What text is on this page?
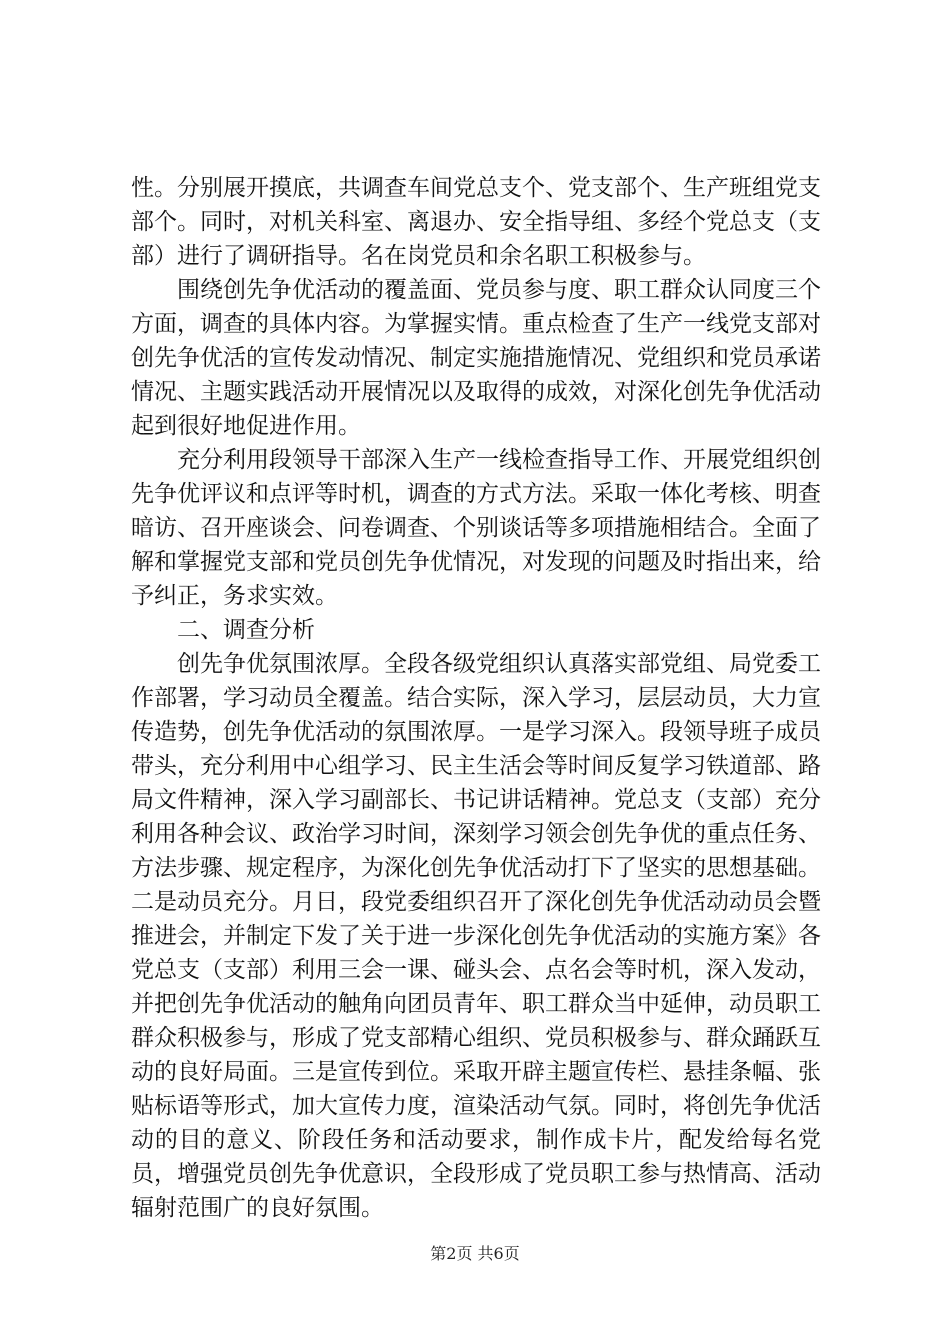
性。分别展开摸底，共调查车间党总支个、党支部个、生产班组党支部个。同时，对机关科室、离退办、安全指导组、多经个党总支（支部）进行了调研指导。名在岗党员和余名职工积极参与。

围绕创先争优活动的覆盖面、党员参与度、职工群众认同度三个方面，调查的具体内容。为掌握实情。重点检查了生产一线党支部对创先争优活的宣传发动情况、制定实施措施情况、党组织和党员承诺情况、主题实践活动开展情况以及取得的成效，对深化创先争优活动起到很好地促进作用。

充分利用段领导干部深入生产一线检查指导工作、开展党组织创先争优评议和点评等时机，调查的方式方法。采取一体化考核、明查暗访、召开座谈会、问卷调查、个别谈话等多项措施相结合。全面了解和掌握党支部和党员创先争优情况，对发现的问题及时指出来，给予纠正，务求实效。

二、调查分析

创先争优氛围浓厚。全段各级党组织认真落实部党组、局党委工作部署，学习动员全覆盖。结合实际，深入学习，层层动员，大力宣传造势，创先争优活动的氛围浓厚。一是学习深入。段领导班子成员带头，充分利用中心组学习、民主生活会等时间反复学习铁道部、路局文件精神，深入学习副部长、书记讲话精神。党总支（支部）充分利用各种会议、政治学习时间，深刻学习领会创先争优的重点任务、方法步骤、规定程序，为深化创先争优活动打下了坚实的思想基础。二是动员充分。月日，段党委组织召开了深化创先争优活动动员会暨推进会，并制定下发了关于进一步深化创先争优活动的实施方案》各党总支（支部）利用三会一课、碰头会、点名会等时机，深入发动，并把创先争优活动的触角向团员青年、职工群众当中延伸，动员职工群众积极参与，形成了党支部精心组织、党员积极参与、群众踊跃互动的良好局面。三是宣传到位。采取开辟主题宣传栏、悬挂条幅、张贴标语等形式，加大宣传力度，渲染活动气氛。同时，将创先争优活动的目的意义、阶段任务和活动要求，制作成卡片，配发给每名党员，增强党员创先争优意识，全段形成了党员职工参与热情高、活动辐射范围广的良好氛围。

第2页 共6页
